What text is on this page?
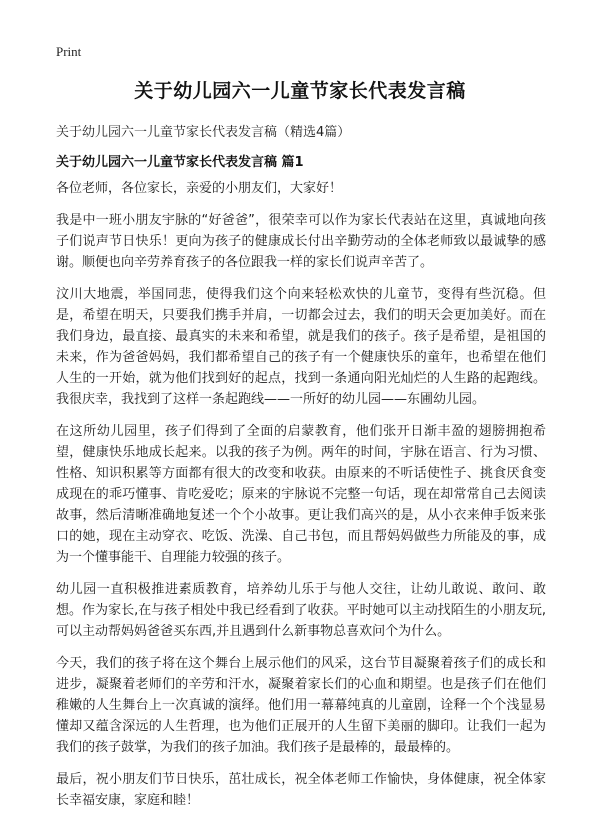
Print
关于幼儿园六一儿童节家长代表发言稿

关于幼儿园六一儿童节家长代表发言稿（精选4篇）

关于幼儿园六一儿童节家长代表发言稿 篇1

各位老师，各位家长，亲爱的小朋友们，大家好！

我是中一班小朋友宇脉的“好爸爸”，很荣幸可以作为家长代表站在这里，真诚地向孩子们说声节日快乐！更向为孩子的健康成长付出辛勤劳动的全体老师致以最诚挚的感谢。顺便也向辛劳养育孩子的各位跟我一样的家长们说声辛苦了。

汶川大地震，举国同悲，使得我们这个向来轻松欢快的儿童节，变得有些沉稳。但是，希望在明天，只要我们携手并肩，一切都会过去，我们的明天会更加美好。而在我们身边，最直接、最真实的未来和希望，就是我们的孩子。孩子是希望，是祖国的未来，作为爸爸妈妈，我们都希望自己的孩子有一个健康快乐的童年，也希望在他们人生的一开始，就为他们找到好的起点，找到一条通向阳光灿烂的人生路的起跑线。我很庆幸，我找到了这样一条起跑线——一所好的幼儿园——东圃幼儿园。

在这所幼儿园里，孩子们得到了全面的启蒙教育，他们张开日渐丰盈的翅膀拥抱希望，健康快乐地成长起来。以我的孩子为例。两年的时间，宇脉在语言、行为习惯、性格、知识积累等方面都有很大的改变和收获。由原来的不听话使性子、挑食厌食变成现在的乖巧懂事、肯吃爱吃；原来的宇脉说不完整一句话，现在却常常自己去阅读故事，然后清晰准确地复述一个个小故事。更让我们高兴的是，从小衣来伸手饭来张口的她，现在主动穿衣、吃饭、洗澡、自己书包，而且帮妈妈做些力所能及的事，成为一个懂事能干、自理能力较强的孩子。

幼儿园一直积极推进素质教育，培养幼儿乐于与他人交往，让幼儿敢说、敢问、敢想。作为家长,在与孩子相处中我已经看到了收获。平时她可以主动找陌生的小朋友玩,可以主动帮妈妈爸爸买东西,并且遇到什么新事物总喜欢问个为什么。

今天，我们的孩子将在这个舞台上展示他们的风采，这台节目凝聚着孩子们的成长和进步，凝聚着老师们的辛劳和汗水，凝聚着家长们的心血和期望。也是孩子们在他们稚嫩的人生舞台上一次真诚的演绎。他们用一幕幕纯真的儿童剧，诠释一个个浅显易懂却又蕴含深远的人生哲理，也为他们正展开的人生留下美丽的脚印。让我们一起为我们的孩子鼓掌，为我们的孩子加油。我们孩子是最棒的，最最棒的。

最后，祝小朋友们节日快乐，茁壮成长，祝全体老师工作愉快，身体健康，祝全体家长幸福安康，家庭和睦！
